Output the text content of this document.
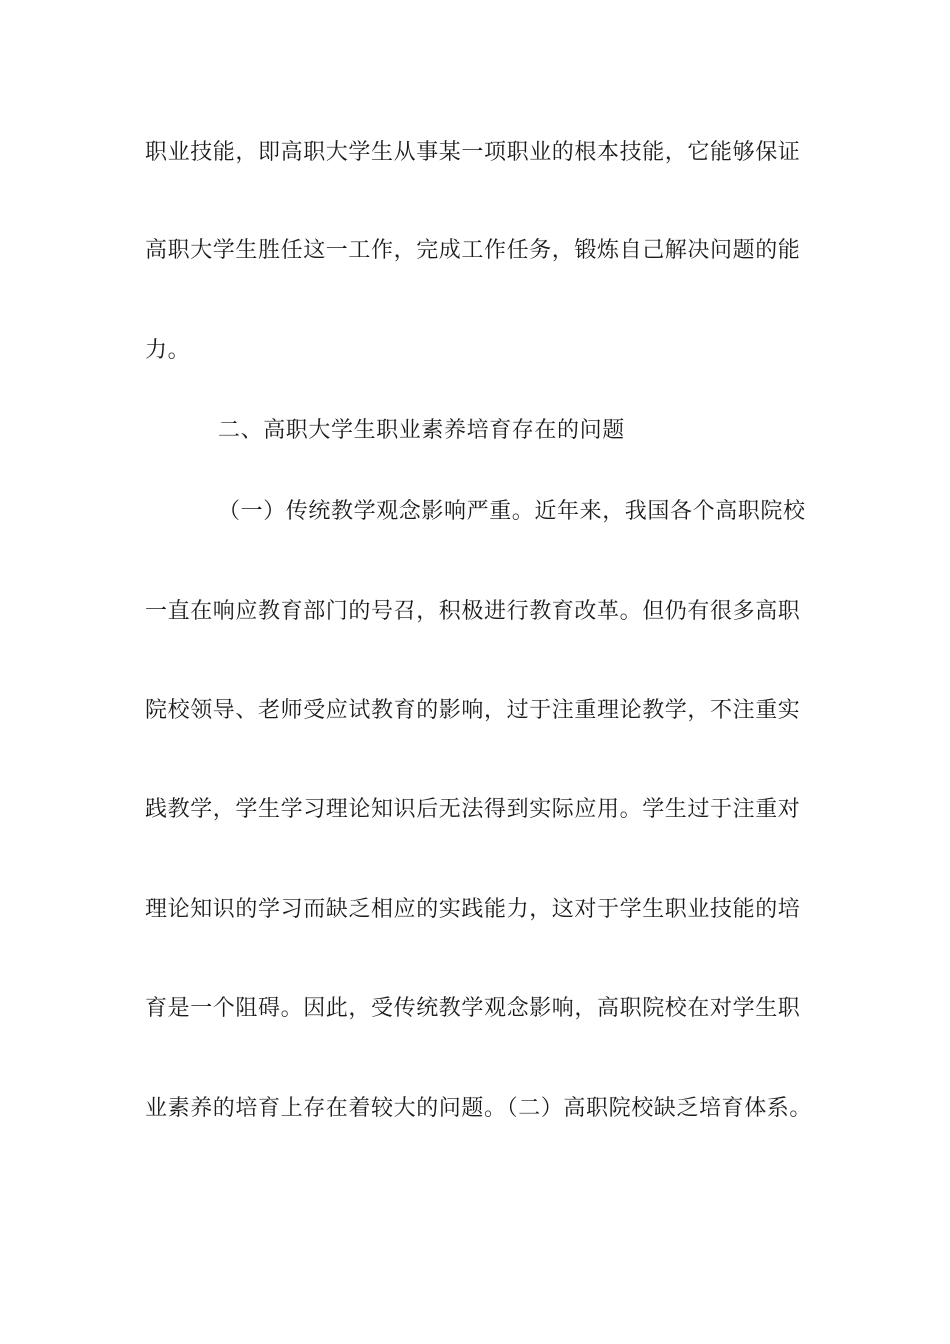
职业技能，即高职大学生从事某一项职业的根本技能，它能够保证
高职大学生胜任这一工作，完成工作任务，锻炼自己解决问题的能
力。
二、高职大学生职业素养培育存在的问题
（一）传统教学观念影响严重。近年来，我国各个高职院校
一直在响应教育部门的号召，积极进行教育改革。但仍有很多高职
院校领导、老师受应试教育的影响，过于注重理论教学，不注重实
践教学，学生学习理论知识后无法得到实际应用。学生过于注重对
理论知识的学习而缺乏相应的实践能力，这对于学生职业技能的培
育是一个阻碍。因此，受传统教学观念影响，高职院校在对学生职
业素养的培育上存在着较大的问题。（二）高职院校缺乏培育体系。
